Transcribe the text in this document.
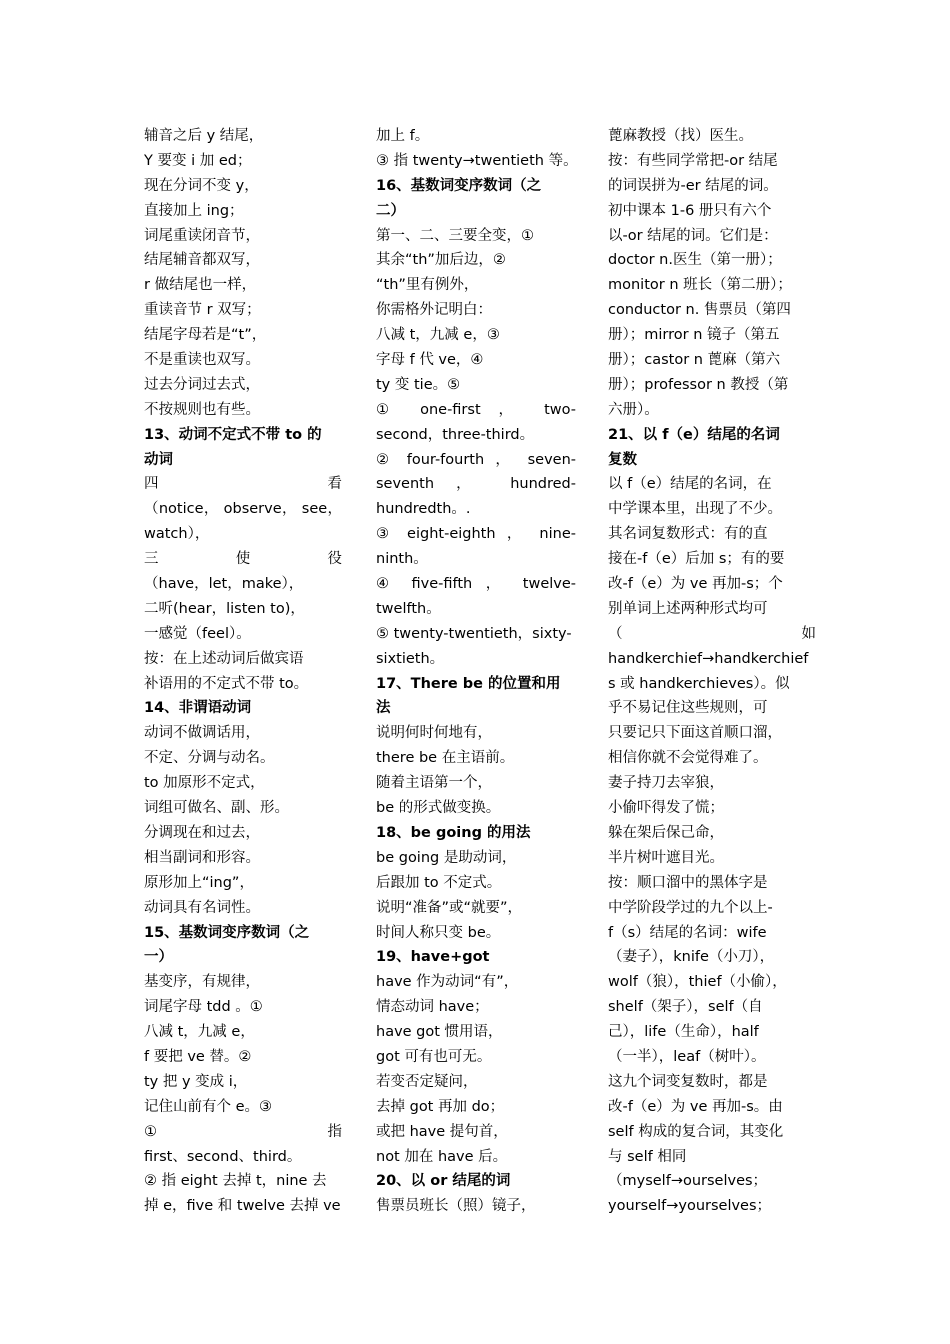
辅音之后 y 结尾，
Y 要变 i 加 ed；
现在分词不变 y，
直接加上 ing；
词尾重读闭音节，
结尾辅音都双写，
r 做结尾也一样，
重读音节 r 双写；
结尾字母若是“t”，
不是重读也双写。
过去分词过去式，
不按规则也有些。
13、动词不定式不带 to 的
动词
四 看
（notice， observe， see，
watch），
三 使 役
（have，let，make），
二听(hear，listen to)，
一感觉（feel）。
按：在上述动词后做宾语
补语用的不定式不带 to。
14、非谓语动词
动词不做调话用，
不定、分调与动名。
to 加原形不定式，
词组可做名、副、形。
分调现在和过去，
相当副词和形容。
原形加上“ing”，
动词具有名词性。
15、基数词变序数词（之
一）
基变序，有规律，
词尾字母 tdd 。①
八减 t，九减 e，
f 要把 ve 替。②
ty 把 y 变成 i，
记住山前有个 e。③
① 指
first、second、third。
② 指 eight 去掉 t，nine 去
掉 e，five 和 twelve 去掉 ve
加上 f。
③ 指 twenty→twentieth 等。
16、基数词变序数词（之
二）
第一、二、三要全变，①
其余“th”加后边，②
“th”里有例外，
你需格外记明白：
八减 t，九减 e，③
字母 f 代 ve，④
ty 变 tie。⑤
① one-first ， two-
second，three-third。
② four-fourth ， seven-
seventh ， hundred-
hundredth。.
③ eight-eighth ， nine-
ninth。
④ five-fifth ， twelve-
twelfth。
⑤ twenty-twentieth，sixty-
sixtieth。
17、There be 的位置和用
法
说明何时何地有，
there be 在主语前。
随着主语第一个，
be 的形式做变换。
18、be going 的用法
be going 是助动词，
后跟加 to 不定式。
说明“准备”或“就要”，
时间人称只变 be。
19、have+got
have 作为动词“有”，
情态动词 have；
have got 惯用语，
got 可有也可无。
若变否定疑问，
去掉 got 再加 do；
或把 have 提句首，
not 加在 have 后。
20、以 or 结尾的词
售票员班长（照）镜子，
蓖麻教授（找）医生。
按：有些同学常把-or 结尾
的词误拼为-er 结尾的词。
初中课本 1-6 册只有六个
以-or 结尾的词。它们是：
doctor n.医生（第一册）；
monitor n 班长（第二册）；
conductor n. 售票员（第四
册）；mirror n 镜子（第五
册）；castor n 蓖麻（第六
册）；professor n 教授（第
六册）。
21、以 f（e）结尾的名词
复数
以 f（e）结尾的名词，在
中学课本里，出现了不少。
其名词复数形式：有的直
接在-f（e）后加 s；有的要
改-f（e）为 ve 再加-s；个
别单词上述两种形式均可
（ 如
handkerchief→handkerchief
s 或 handkerchieves）。似
乎不易记住这些规则，可
只要记只下面这首顺口溜，
相信你就不会觉得难了。
妻子持刀去宰狼，
小偷吓得发了慌；
躲在架后保己命，
半片树叶遮目光。
按：顺口溜中的黑体字是
中学阶段学过的九个以上-
f（s）结尾的名词：wife
（妻子），knife（小刀），
wolf（狼），thief（小偷），
shelf（架子），self（自
己），life（生命），half
（一半），leaf（树叶）。
这九个词变复数时，都是
改-f（e）为 ve 再加-s。由
self 构成的复合词，其变化
与 self 相同
（myself→ourselves；
yourself→yourselves；
